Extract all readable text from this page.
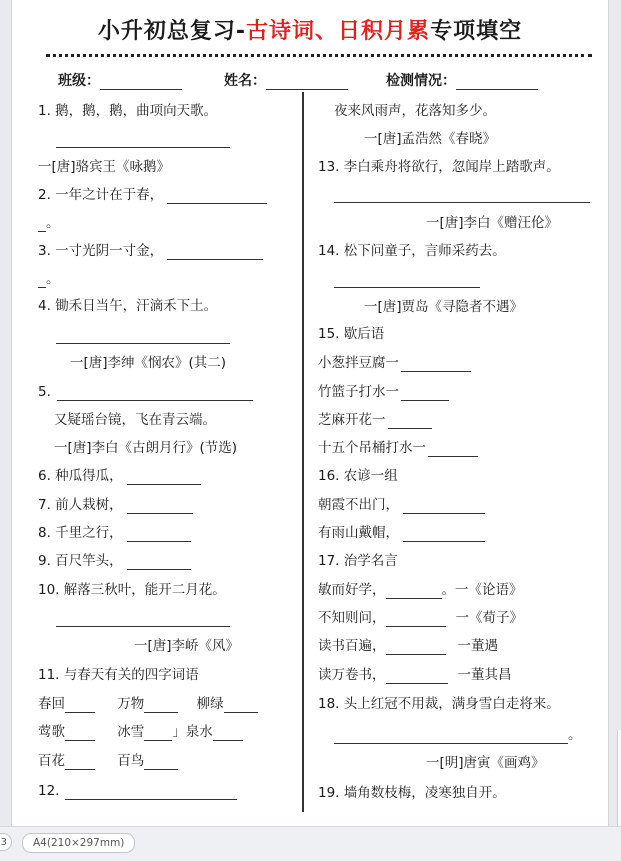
小升初总复习-古诗词、日积月累专项填空
班级：	姓名：	检测情况：
1. 鹅，鹅，鹅，曲项向天歌。
一[唐]骆宾王《咏鹅》
2. 一年之计在于春，
。
3. 一寸光阴一寸金，
。
4. 锄禾日当午，汗滴禾下土。
一[唐]李绅《悯农》(其二)
5.
又疑瑶台镜，飞在青云端。
一[唐]李白《古朗月行》(节选)
6. 种瓜得瓜，
7. 前人栽树，
8. 千里之行，
9. 百尺竿头，
10. 解落三秋叶，能开二月花。
一[唐]李峤《风》
11. 与春天有关的四字词语
春回	万物	柳绿
莺歌	冰雪 」泉水
百花	百鸟
12.
夜来风雨声，花落知多少。
一[唐]孟浩然《春晓》
13. 李白乘舟将欲行，忽闻岸上踏歌声。
一[唐]李白《赠汪伦》
14. 松下问童子，言师采药去。
一[唐]贾岛《寻隐者不遇》
15. 歇后语
小葱拌豆腐一
竹篮子打水一
芝麻开花一
十五个吊桶打水一
16. 农谚一组
朝霞不出门，
有雨山戴帽，
17. 治学名言
敏而好学，	。一《论语》
不知则问，	一《荀子》
读书百遍，	一董遇
读万卷书，	一董其昌
18. 头上红冠不用裁，满身雪白走将来。
。
一[明]唐寅《画鸡》
19. 墙角数枝梅，凌寒独自开。
3	A4(210×297mm)
